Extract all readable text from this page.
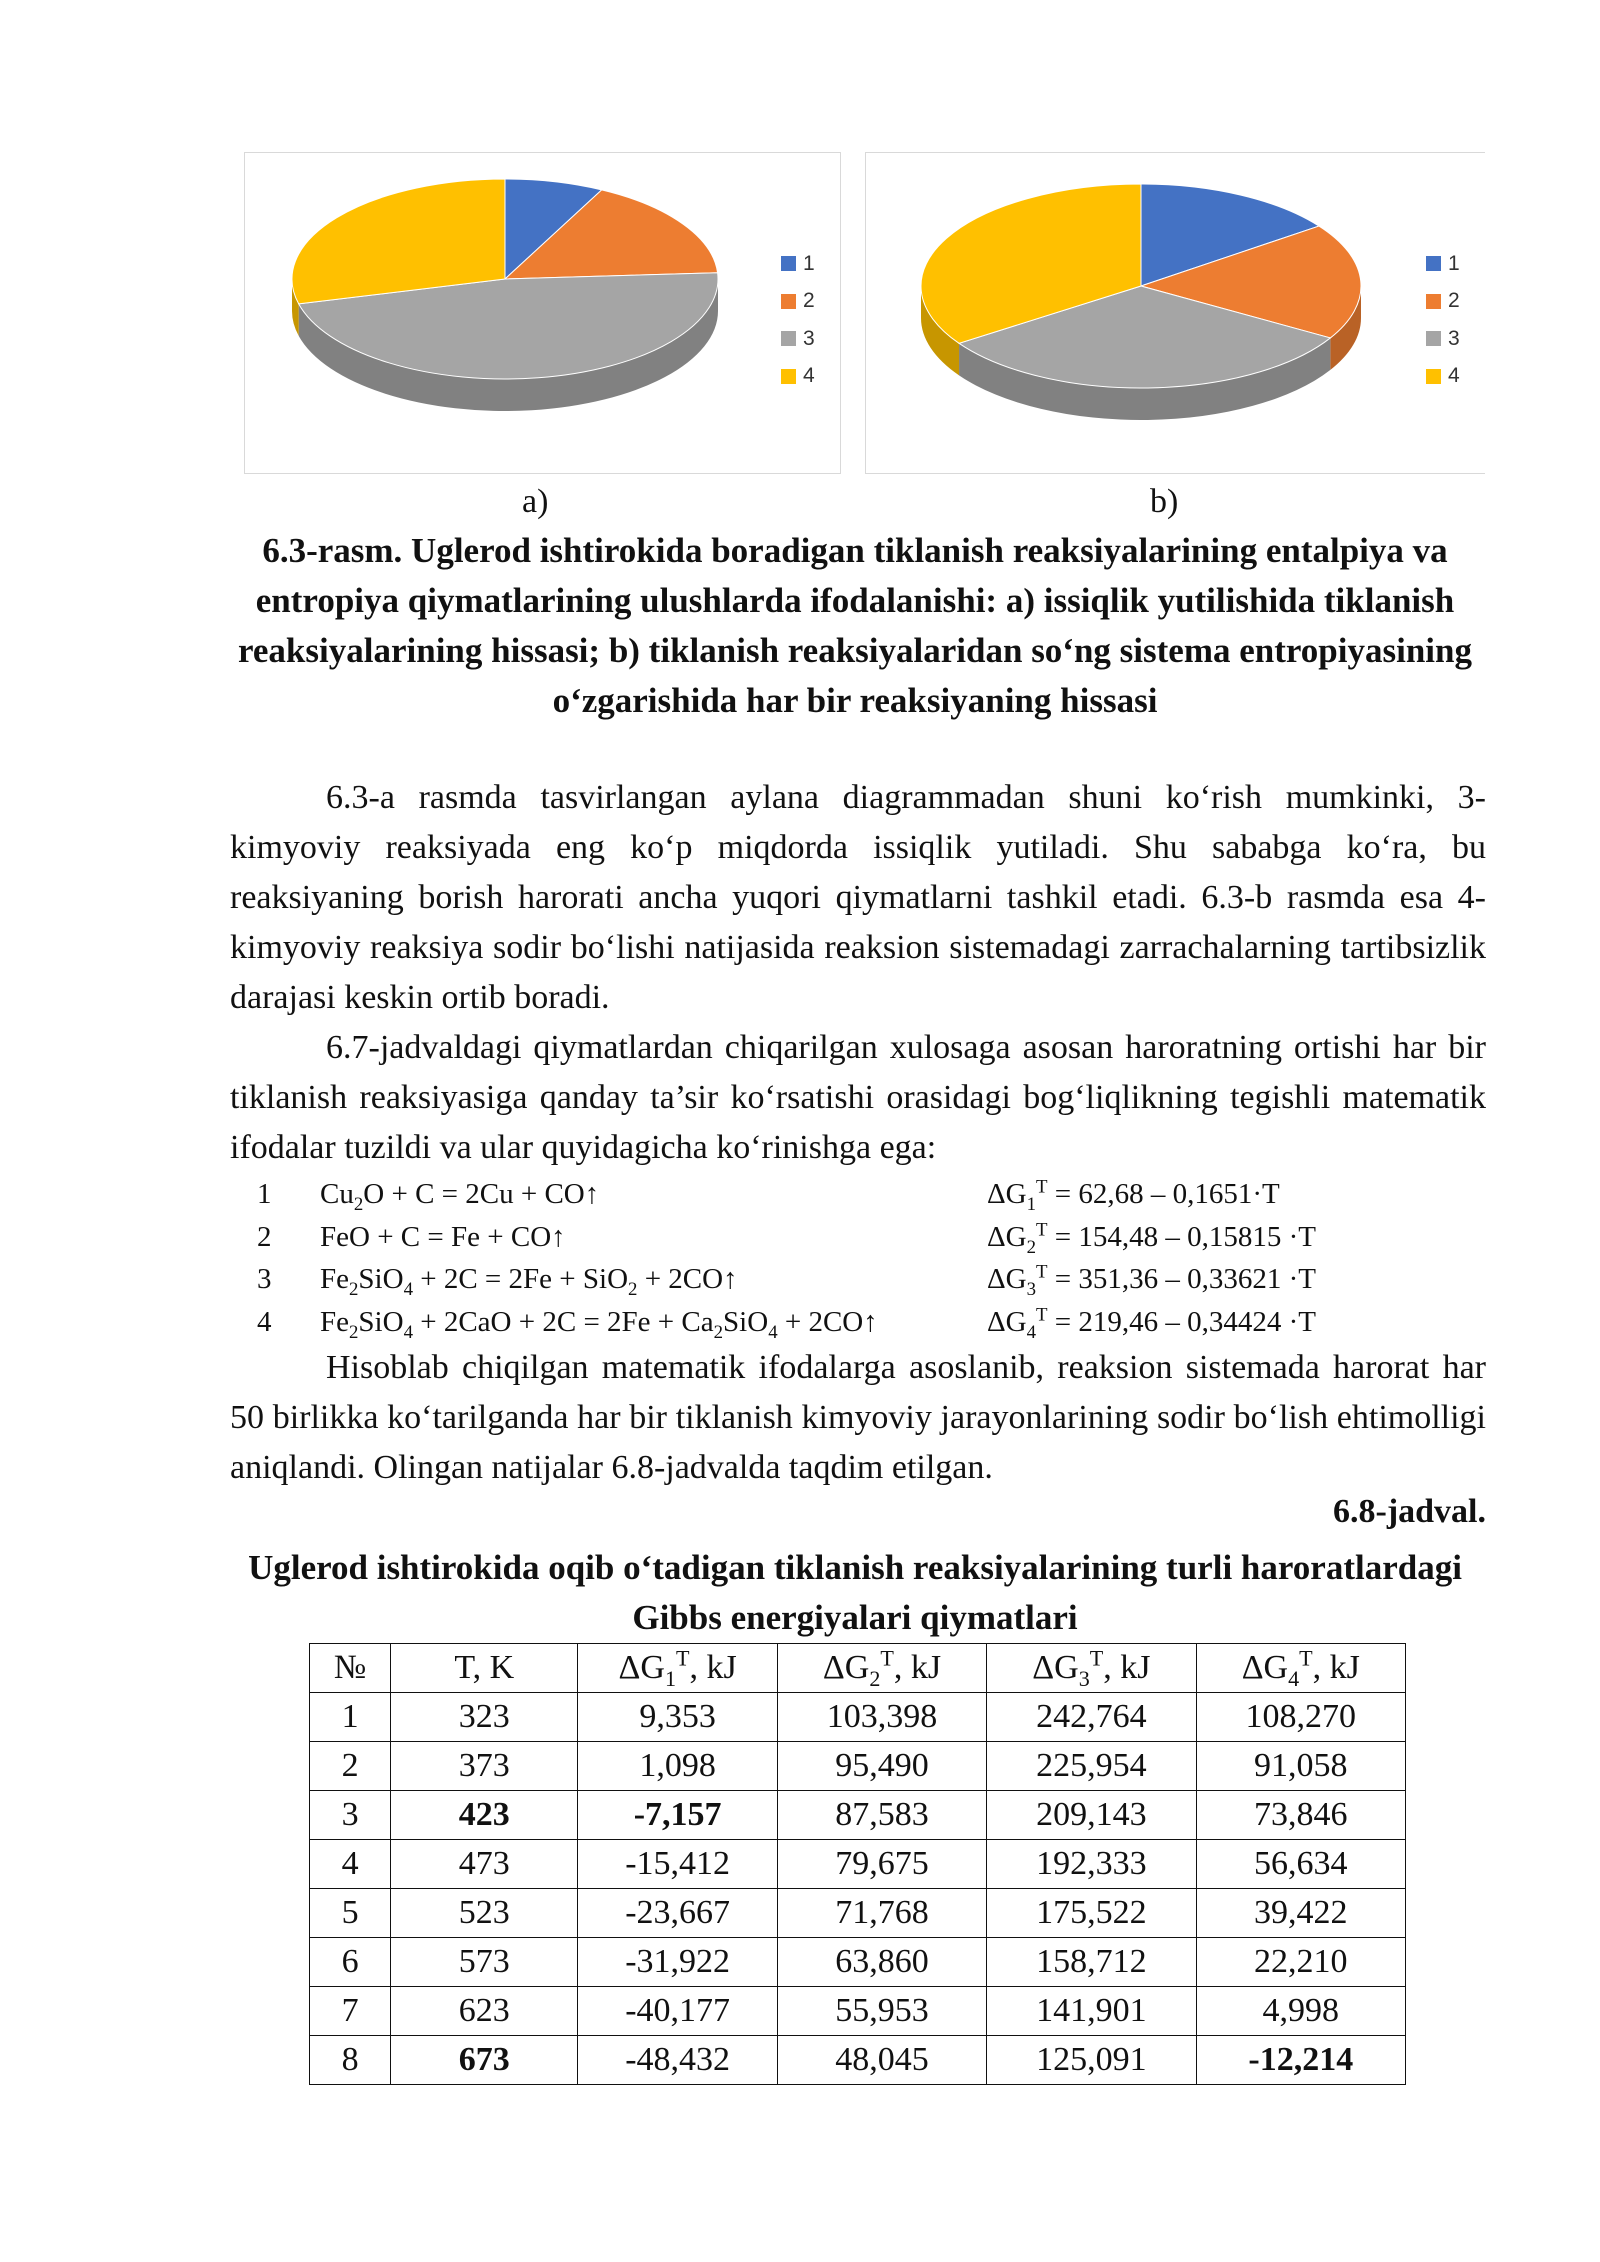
1
2
3
4
1
2
3
4
a)	b)
6.3-rasm. Uglerod ishtirokida boradigan tiklanish reaksiyalarining entalpiya va entropiya qiymatlarining ulushlarda ifodalanishi: a) issiqlik yutilishida tiklanish reaksiyalarining hissasi; b) tiklanish reaksiyalaridan so‘ng sistema entropiyasining o‘zgarishida har bir reaksiyaning hissasi
6.3-a rasmda tasvirlangan aylana diagrammadan shuni ko‘rish mumkinki, 3-kimyoviy reaksiyada eng ko‘p miqdorda issiqlik yutiladi. Shu sababga ko‘ra, bu reaksiyaning borish harorati ancha yuqori qiymatlarni tashkil etadi. 6.3-b rasmda esa 4-kimyoviy reaksiya sodir bo‘lishi natijasida reaksion sistemadagi zarrachalarning tartibsizlik darajasi keskin ortib boradi.
6.7-jadvaldagi qiymatlardan chiqarilgan xulosaga asosan haroratning ortishi har bir tiklanish reaksiyasiga qanday ta’sir ko‘rsatishi orasidagi bog‘liqlikning tegishli matematik ifodalar tuzildi va ular quyidagicha ko‘rinishga ega:
1 $Cu_2O + C = 2Cu$ + CO↑	$\Delta G_1^T = 62,68 - 0,1651\cdot T$
2 FeO + C = Fe + CO↑	$\Delta G_2^T = 154,48 - 0,15815 \cdot T$
3 $Fe_2SiO_4 + 2C = 2Fe + SiO_2$ + 2CO↑	$\Delta G_3^T = 351,36 - 0,33621 \cdot T$
4 $Fe_2SiO_4 + 2CaO + 2C = 2Fe + Ca_2SiO_4$ + 2CO↑	$\Delta G_4^T = 219,46 - 0,34424 \cdot T$
Hisoblab chiqilgan matematik ifodalarga asoslanib, reaksion sistemada harorat har 50 birlikka ko‘tarilganda har bir tiklanish kimyoviy jarayonlarining sodir bo‘lish ehtimolligi aniqlandi. Olingan natijalar 6.8-jadvalda taqdim etilgan.
6.8-jadval.
Uglerod ishtirokida oqib o‘tadigan tiklanish reaksiyalarining turli haroratlardagi Gibbs energiyalari qiymatlari
№	T, K	$\Delta G_1^T$, kJ	$\Delta G_2^T$, kJ	$\Delta G_3^T$, kJ	$\Delta G_4^T$, kJ
1	323	9,353	103,398	242,764	108,270
2	373	1,098	95,490	225,954	91,058
3	423	-7,157	87,583	209,143	73,846
4	473	-15,412	79,675	192,333	56,634
5	523	-23,667	71,768	175,522	39,422
6	573	-31,922	63,860	158,712	22,210
7	623	-40,177	55,953	141,901	4,998
8	673	-48,432	48,045	125,091	-12,214
